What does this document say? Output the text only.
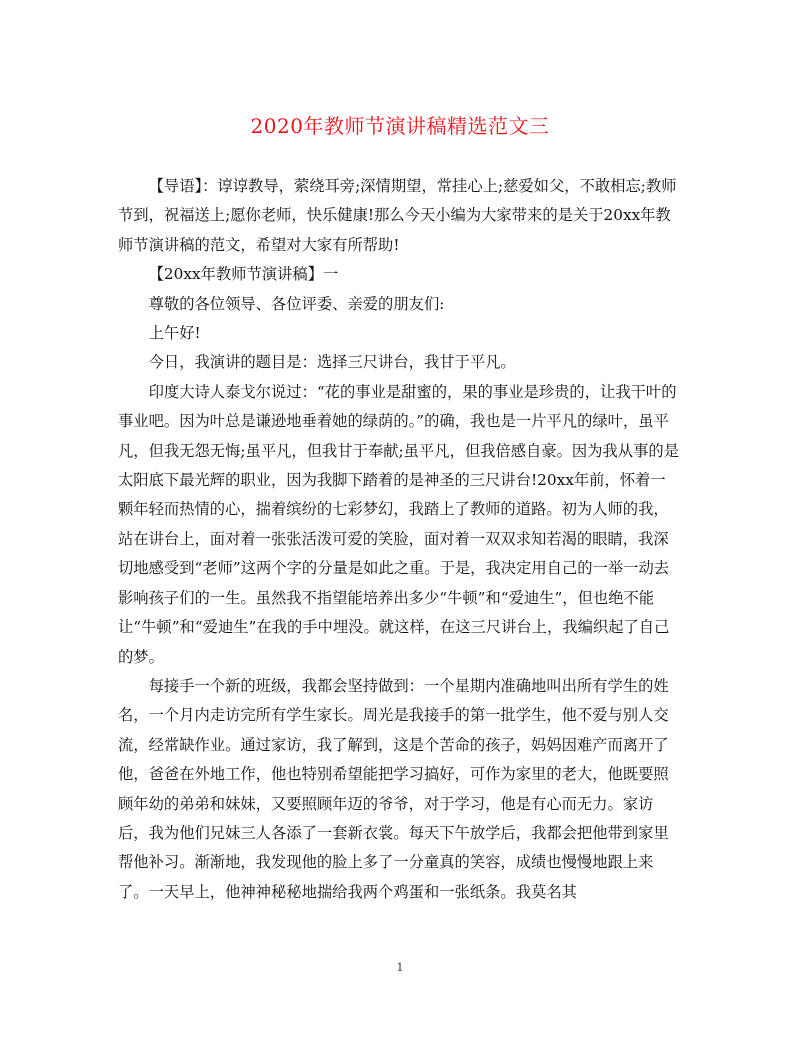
2020年教师节演讲稿精选范文三

【导语】：谆谆教导，萦绕耳旁;深情期望，常挂心上;慈爱如父，不敢相忘;教师节到，祝福送上;愿你老师，快乐健康!那么今天小编为大家带来的是关于20xx年教师节演讲稿的范文，希望对大家有所帮助!

【20xx年教师节演讲稿】一

尊敬的各位领导、各位评委、亲爱的朋友们:

上午好!

今日，我演讲的题目是：选择三尺讲台，我甘于平凡。

印度大诗人泰戈尔说过：“花的事业是甜蜜的，果的事业是珍贵的，让我干叶的事业吧。因为叶总是谦逊地垂着她的绿荫的。”的确，我也是一片平凡的绿叶，虽平凡，但我无怨无悔;虽平凡，但我甘于奉献;虽平凡，但我倍感自豪。因为我从事的是太阳底下最光辉的职业，因为我脚下踏着的是神圣的三尺讲台!20xx年前，怀着一颗年轻而热情的心，揣着缤纷的七彩梦幻，我踏上了教师的道路。初为人师的我，站在讲台上，面对着一张张活泼可爱的笑脸，面对着一双双求知若渴的眼睛，我深切地感受到“老师”这两个字的分量是如此之重。于是，我决定用自己的一举一动去影响孩子们的一生。虽然我不指望能培养出多少“牛顿”和“爱迪生”，但也绝不能让“牛顿”和“爱迪生”在我的手中埋没。就这样，在这三尺讲台上，我编织起了自己的梦。

每接手一个新的班级，我都会坚持做到：一个星期内准确地叫出所有学生的姓名，一个月内走访完所有学生家长。周光是我接手的第一批学生，他不爱与别人交流，经常缺作业。通过家访，我了解到，这是个苦命的孩子，妈妈因难产而离开了他，爸爸在外地工作，他也特别希望能把学习搞好，可作为家里的老大，他既要照顾年幼的弟弟和妹妹，又要照顾年迈的爷爷，对于学习，他是有心而无力。家访后，我为他们兄妹三人各添了一套新衣裳。每天下午放学后，我都会把他带到家里帮他补习。渐渐地，我发现他的脸上多了一分童真的笑容，成绩也慢慢地跟上来了。一天早上，他神神秘秘地揣给我两个鸡蛋和一张纸条。我莫名其

1
